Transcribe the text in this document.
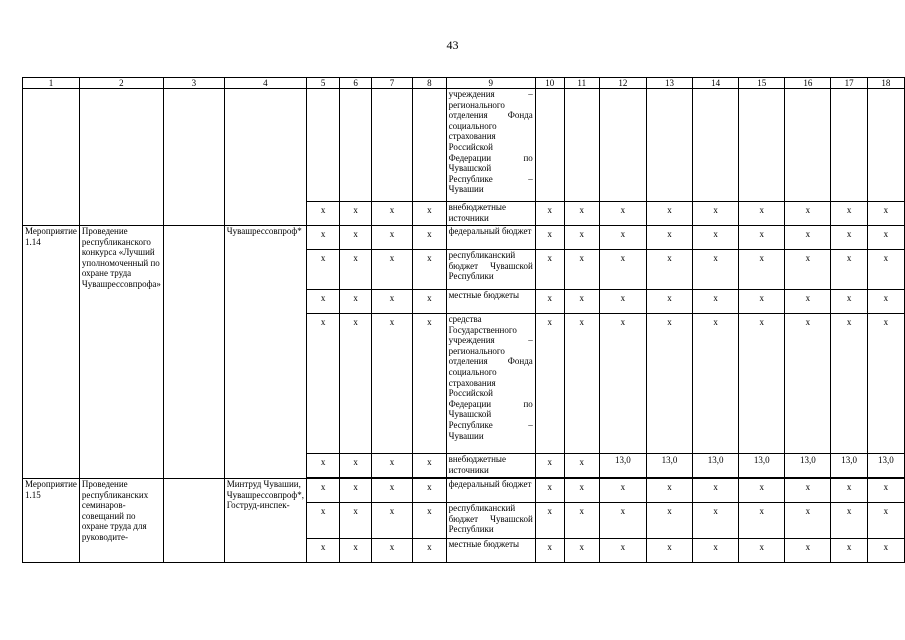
43
1	2	3	4	5	6	7	8	9	10	11	12	13	14	15	16	17	18
								учреждения – регионального отделения Фонда социального страхования Российской Федерации по Чувашской Республике – Чувашии									
				x	x	x	x	внебюджетные источники	x	x	x	x	x	x	x	x	x
Мероприятие 1.14	Проведение республиканского конкурса «Лучший уполномоченный по охране труда Чувашрессовпрофа»		Чувашрессовпроф*	x	x	x	x	федеральный бюджет	x	x	x	x	x	x	x	x	x
				x	x	x	x	республиканский бюджет Чувашской Республики	x	x	x	x	x	x	x	x	x
				x	x	x	x	местные бюджеты	x	x	x	x	x	x	x	x	x
				x	x	x	x	средства Государственного учреждения – регионального отделения Фонда социального страхования Российской Федерации по Чувашской Республике – Чувашии	x	x	x	x	x	x	x	x	x
				x	x	x	x	внебюджетные источники	x	x	13,0	13,0	13,0	13,0	13,0	13,0	13,0

Мероприятие 1.15	Проведение республиканских семинаров-совещаний по охране труда для руководите-		Минтруд Чувашии, Чувашрессовпроф*, Гоструд-инспек-	x	x	x	x	федеральный бюджет	x	x	x	x	x	x	x	x	x
				x	x	x	x	республиканский бюджет Чувашской Республики	x	x	x	x	x	x	x	x	x
				x	x	x	x	местные бюджеты	x	x	x	x	x	x	x	x	x
